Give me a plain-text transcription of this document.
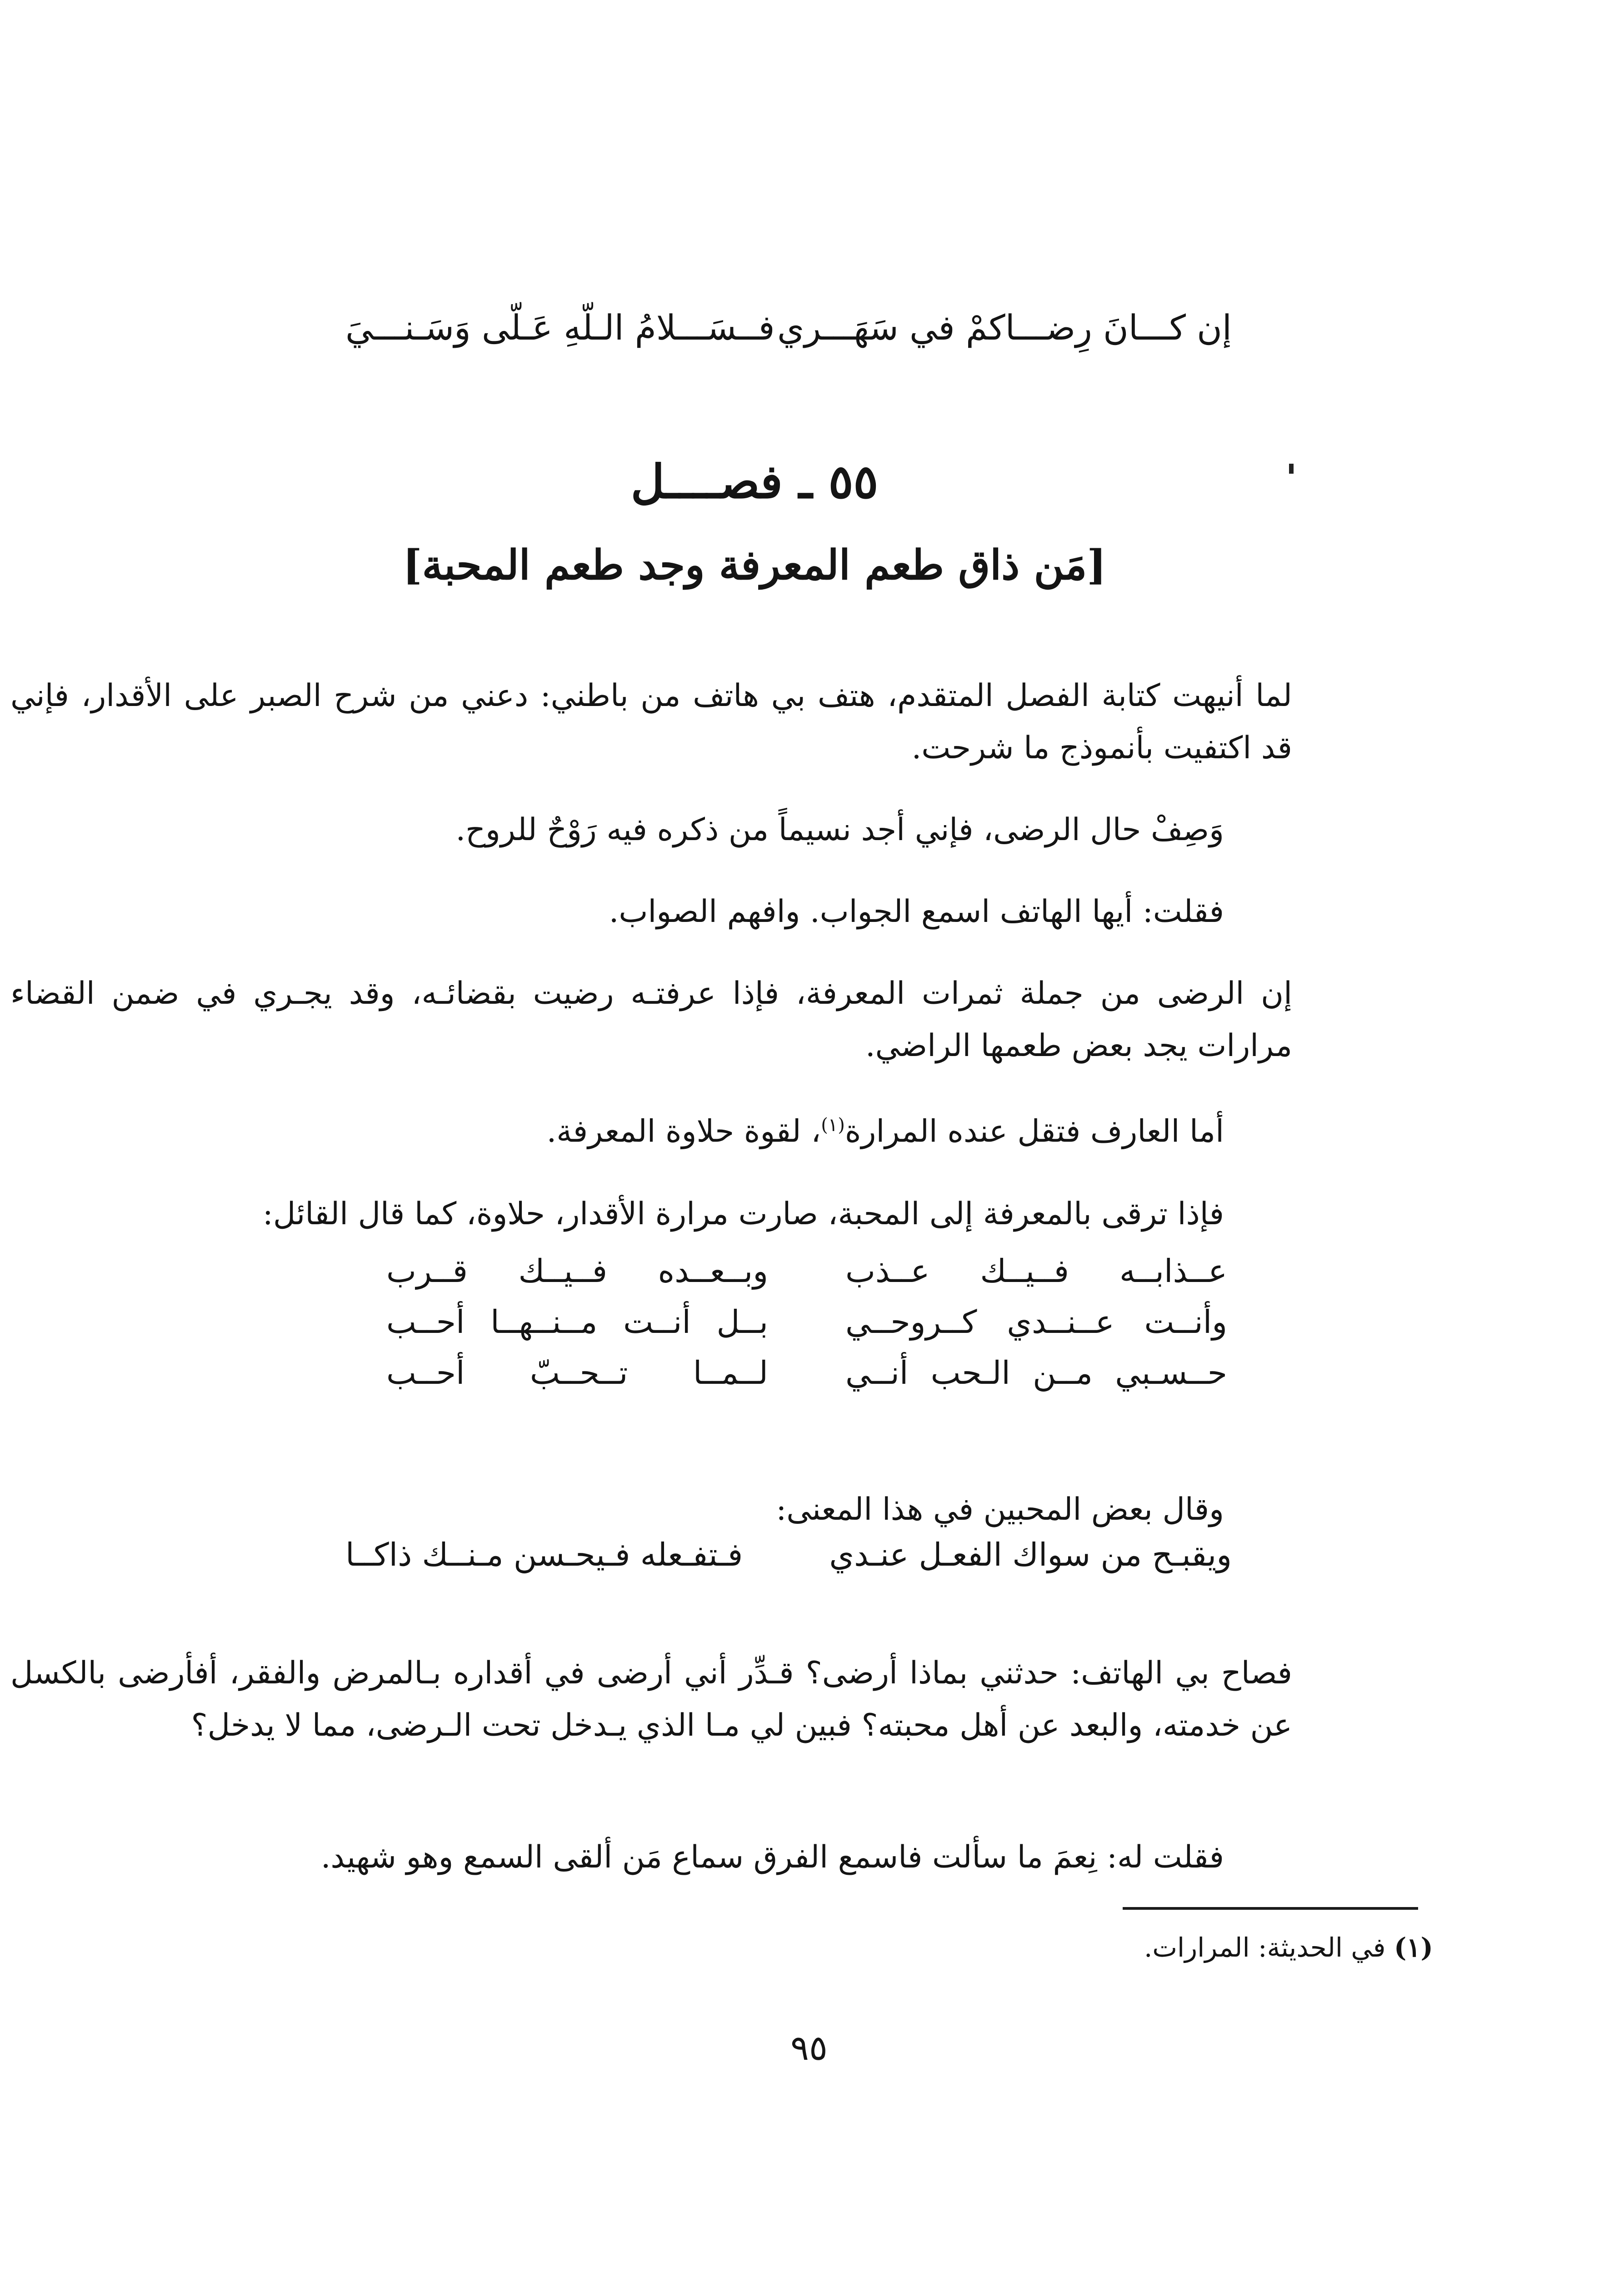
إن كـــانَ رِضـــاكمْ في سَهَـــري
فــسَـــلامُ الـلّهِ عَـلّى وَسَـنـــيَ
٥٥ ـ فصــــل
[مَن ذاق طعم المعرفة وجد طعم المحبة]

لما أنيهت كتابة الفصل المتقدم، هتف بي هاتف من باطني: دعني من شرح الصبر على الأقدار، فإني قد اكتفيت بأنموذج ما شرحت.

وَصِفْ حال الرضى، فإني أجد نسيماً من ذكره فيه رَوْحٌ للروح.

فقلت: أيها الهاتف اسمع الجواب. وافهم الصواب.

إن الرضى من جملة ثمرات المعرفة، فإذا عرفتـه رضيت بقضائـه، وقد يجـري في ضمن القضاء مرارات يجد بعض طعمها الراضي.

أما العارف فتقل عنده المرارة$^{(١)}$، لقوة حلاوة المعرفة.

فإذا ترقى بالمعرفة إلى المحبة، صارت مرارة الأقدار، حلاوة، كما قال القائل:

عــذابــه فــيــك عــذب
وبــعــده فــيــك قــرب
وأنــت عــنــدي كــروحــي
بــل أنــت مــنــهــا أحــب
حــسـبي مــن الـحب أنــي
لــمــا تــحــبّ أحــب

وقال بعض المحبين في هذا المعنى:

ويقبـح من سواك الفعـل عنـدي
فـتفـعله فـيحـسن مـنــك ذاكــا

فصاح بي الهاتف: حدثني بماذا أرضى؟ قـدِّر أني أرضى في أقداره بـالمرض والفقر، أفأرضى بالكسل عن خدمته، والبعد عن أهل محبته؟ فبين لي مـا الذي يـدخل تحت الـرضى، مما لا يدخل؟

فقلت له: نِعمَ ما سألت فاسمع الفرق سماع مَن ألقى السمع وهو شهيد.

(١) في الحديثة: المرارات.
٩٥
